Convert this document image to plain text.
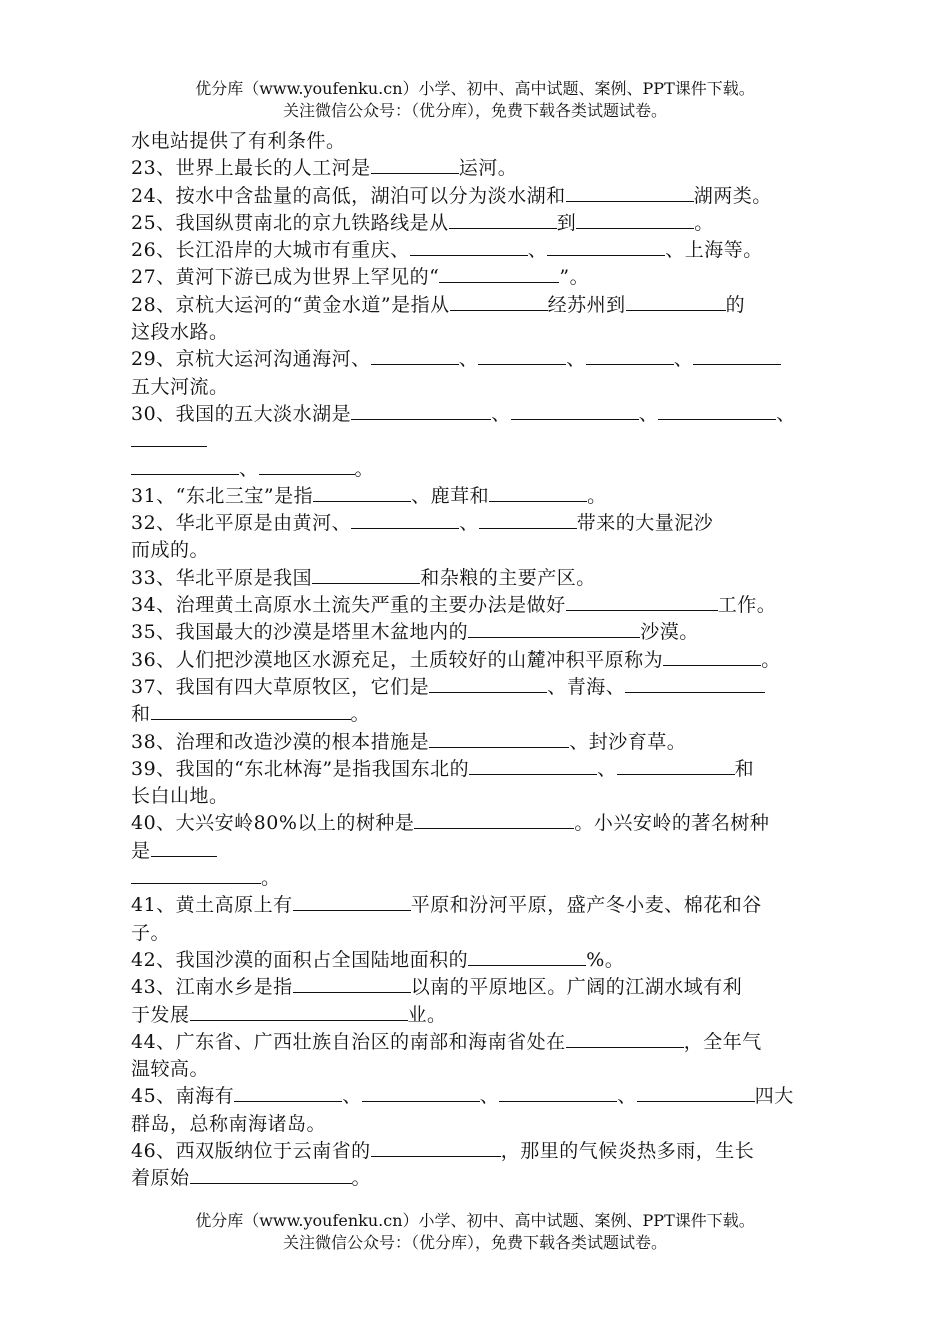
优分库（www.youfenku.cn）小学、初中、高中试题、案例、PPT课件下载。
关注微信公众号：（优分库），免费下载各类试题试卷。
水电站提供了有利条件。
23、世界上最长的人工河是	运河。
24、按水中含盐量的高低，湖泊可以分为淡水湖和	湖两类。
25、我国纵贯南北的京九铁路线是从	到	。
26、长江沿岸的大城市有重庆、	、	、上海等。
27、黄河下游已成为世界上罕见的“	”。
28、京杭大运河的“黄金水道”是指从	经苏州到	的
这段水路。
29、京杭大运河沟通海河、	、	、	、
五大河流。
30、我国的五大淡水湖是	、	、	、
、	。
31、“东北三宝”是指	、鹿茸和	。
32、华北平原是由黄河、	、	带来的大量泥沙
而成的。
33、华北平原是我国	和杂粮的主要产区。
34、治理黄土高原水土流失严重的主要办法是做好	工作。
35、我国最大的沙漠是塔里木盆地内的	沙漠。
36、人们把沙漠地区水源充足，土质较好的山麓冲积平原称为	。
37、我国有四大草原牧区，它们是	、青海、
和	。
38、治理和改造沙漠的根本措施是	、封沙育草。
39、我国的“东北林海”是指我国东北的	、	和
长白山地。
40、大兴安岭80%以上的树种是	。小兴安岭的著名树种
是
。
41、黄土高原上有	平原和汾河平原，盛产冬小麦、棉花和谷
子。
42、我国沙漠的面积占全国陆地面积的	%。
43、江南水乡是指	以南的平原地区。广阔的江湖水域有利
于发展	业。
44、广东省、广西壮族自治区的南部和海南省处在	，全年气
温较高。
45、南海有	、	、	、	四大
群岛，总称南海诸岛。
46、西双版纳位于云南省的	，那里的气候炎热多雨，生长
着原始	。
优分库（www.youfenku.cn）小学、初中、高中试题、案例、PPT课件下载。
关注微信公众号：（优分库），免费下载各类试题试卷。
